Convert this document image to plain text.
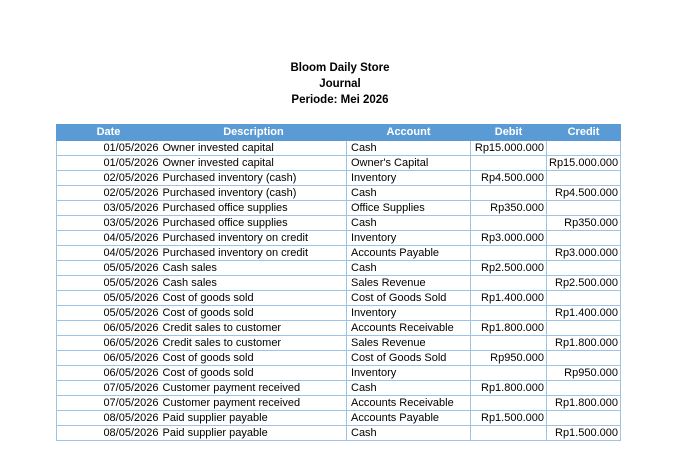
Bloom Daily Store
Journal
Periode: Mei 2026
Date	Description	Account	Debit	Credit
01/05/2026	Owner invested capital	Cash	Rp15.000.000	
01/05/2026	Owner invested capital	Owner's Capital		Rp15.000.000
02/05/2026	Purchased inventory (cash)	Inventory	Rp4.500.000	
02/05/2026	Purchased inventory (cash)	Cash		Rp4.500.000
03/05/2026	Purchased office supplies	Office Supplies	Rp350.000	
03/05/2026	Purchased office supplies	Cash		Rp350.000
04/05/2026	Purchased inventory on credit	Inventory	Rp3.000.000	
04/05/2026	Purchased inventory on credit	Accounts Payable		Rp3.000.000
05/05/2026	Cash sales	Cash	Rp2.500.000	
05/05/2026	Cash sales	Sales Revenue		Rp2.500.000
05/05/2026	Cost of goods sold	Cost of Goods Sold	Rp1.400.000	
05/05/2026	Cost of goods sold	Inventory		Rp1.400.000
06/05/2026	Credit sales to customer	Accounts Receivable	Rp1.800.000	
06/05/2026	Credit sales to customer	Sales Revenue		Rp1.800.000
06/05/2026	Cost of goods sold	Cost of Goods Sold	Rp950.000	
06/05/2026	Cost of goods sold	Inventory		Rp950.000
07/05/2026	Customer payment received	Cash	Rp1.800.000	
07/05/2026	Customer payment received	Accounts Receivable		Rp1.800.000
08/05/2026	Paid supplier payable	Accounts Payable	Rp1.500.000	
08/05/2026	Paid supplier payable	Cash		Rp1.500.000
